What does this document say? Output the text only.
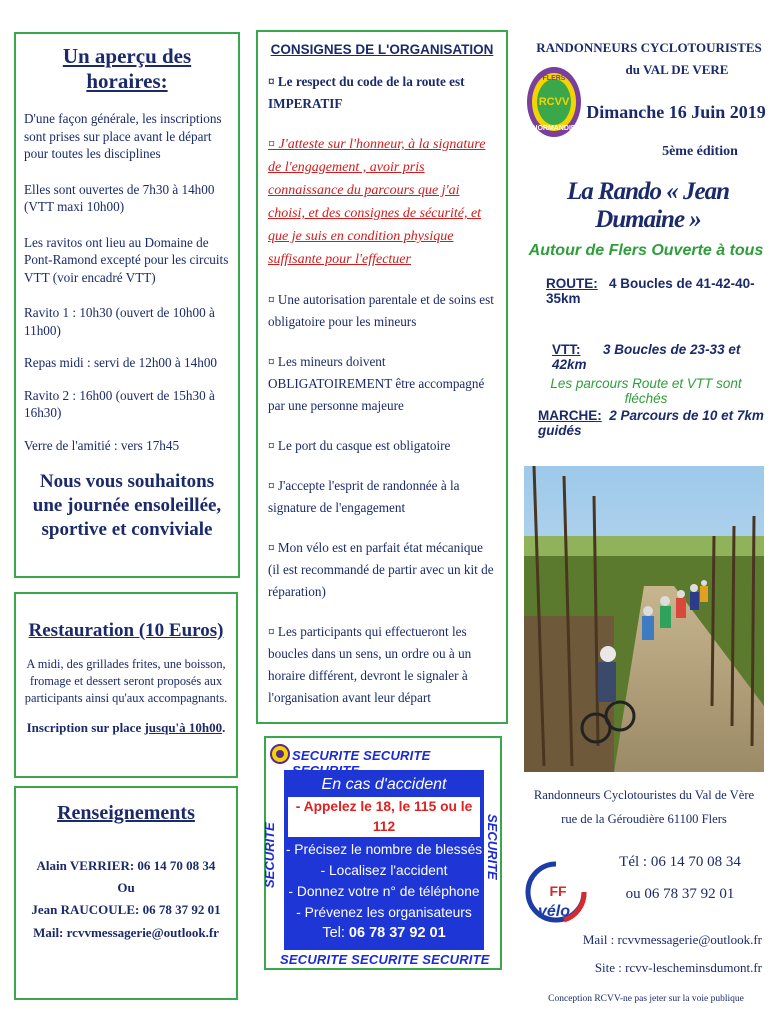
Un aperçu des horaires:

D'une façon générale, les inscriptions sont prises sur place avant le départ pour toutes les disciplines

Elles sont ouvertes de 7h30 à 14h00 (VTT maxi 10h00)

Les ravitos ont lieu au Domaine de Pont-Ramond excepté pour les circuits VTT (voir encadré VTT)

Ravito 1 : 10h30 (ouvert de 10h00 à 11h00)

Repas midi : servi de 12h00 à 14h00

Ravito 2 : 16h00 (ouvert de 15h30 à 16h30)

Verre de l'amitié : vers 17h45

Nous vous souhaitons une journée ensoleillée, sportive et conviviale

Restauration (10 Euros)

A midi, des grillades frites, une boisson, fromage et dessert seront proposés aux participants ainsi qu'aux accompagnants.

Inscription sur place jusqu'à 10h00.

Renseignements

Alain VERRIER: 06 14 70 08 34

Ou

Jean RAUCOULE: 06 78 37 92 01

Mail: rcvvmessagerie@outlook.fr

CONSIGNES DE L'ORGANISATION

¤ Le respect du code de la route est IMPERATIF

¤ J'atteste sur l'honneur, à la signature de l'engagement , avoir pris connaissance du parcours que j'ai choisi, et des consignes de sécurité, et que je suis en condition physique suffisante pour l'effectuer

¤ Une autorisation parentale et de soins est obligatoire pour les mineurs

¤ Les mineurs doivent OBLIGATOIREMENT être accompagné par une personne majeure

¤ Le port du casque est obligatoire

¤ J'accepte l'esprit de randonnée à la signature de l'engagement

¤ Mon vélo est en parfait état mécanique (il est recommandé de partir avec un kit de réparation)

¤ Les participants qui effectueront les boucles dans un sens, un ordre ou à un horaire différent, devront le signaler à l'organisation avant leur départ

SECURITE SECURITE
SECURITE	SECURITE
En cas d'accident
- Appelez le 18, le 115 ou le 112
- Précisez le nombre de blessés
- Localisez l'accident
- Donnez votre n° de téléphone
- Prévenez les organisateurs
Tel: 06 78 37 92 01
SECURITE SECURITE SECURITE
RANDONNEURS CYCLOTOURISTES
du VAL DE VERE
FLERS
RCVV
NORMANDIE
Dimanche 16 Juin 2019
5ème édition
La Rando « Jean Dumaine »
Autour de Flers Ouverte à tous
ROUTE: 4 Boucles de 41-42-40-35km
VTT: 3 Boucles de 23-33 et 42km
Les parcours Route et VTT sont fléchés
MARCHE: 2 Parcours de 10 et 7km guidés
Randonneurs Cyclotouristes du Val de Vère
rue de la Géroudière 61100 Flers
FF
vélo
Tél : 06 14 70 08 34
ou 06 78 37 92 01
Mail : rcvvmessagerie@outlook.fr
Site : rcvv-lescheminsdumont.fr
Conception RCVV-ne pas jeter sur la voie publique
